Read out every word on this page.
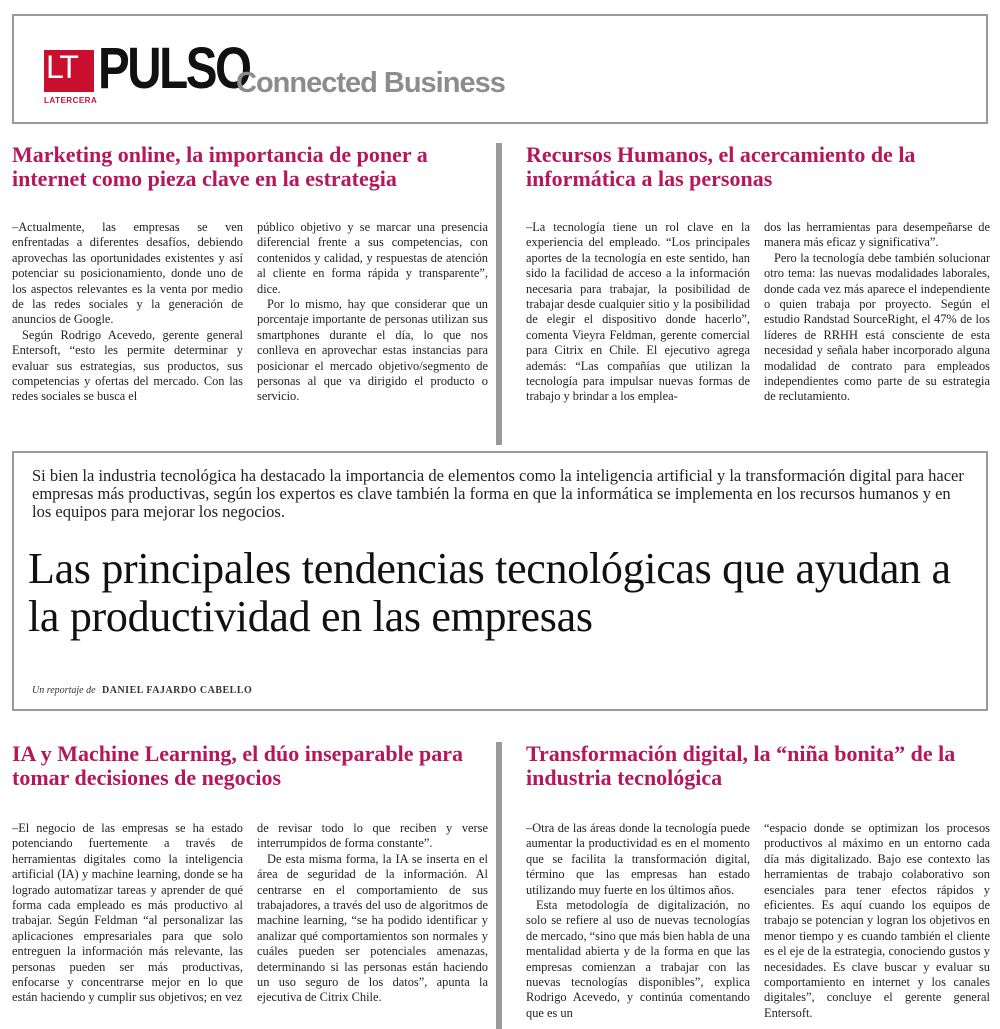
LT
LATERCERA PULSO
Connected Business
Marketing online, la importancia de poner a internet como pieza clave en la estrategia

–Actualmente, las empresas se ven enfrentadas a diferentes desafíos, debiendo aprovechas las oportunidades existentes y así potenciar su posicionamiento, donde uno de los aspectos relevantes es la venta por medio de las redes sociales y la generación de anuncios de Google.

Según Rodrigo Acevedo, gerente general Entersoft, “esto les permite determinar y evaluar sus estrategias, sus productos, sus competencias y ofertas del mercado. Con las redes sociales se busca el

público objetivo y se marcar una presencia diferencial frente a sus competencias, con contenidos y calidad, y respuestas de atención al cliente en forma rápida y transparente”, dice.

Por lo mismo, hay que considerar que un porcentaje importante de personas utilizan sus smartphones durante el día, lo que nos conlleva en aprovechar estas instancias para posicionar el mercado objetivo/segmento de personas al que va dirigido el producto o servicio.

Recursos Humanos, el acercamiento de la informática a las personas

–La tecnología tiene un rol clave en la experiencia del empleado. “Los principales aportes de la tecnología en este sentido, han sido la facilidad de acceso a la información necesaria para trabajar, la posibilidad de trabajar desde cualquier sitio y la posibilidad de elegir el dispositivo donde hacerlo”, comenta Vieyra Feldman, gerente comercial para Citrix en Chile. El ejecutivo agrega además: “Las compañías que utilizan la tecnología para impulsar nuevas formas de trabajo y brindar a los emplea-

dos las herramientas para desempeñarse de manera más eficaz y significativa”.

Pero la tecnología debe también solucionar otro tema: las nuevas modalidades laborales, donde cada vez más aparece el independiente o quien trabaja por proyecto. Según el estudio Randstad SourceRight, el 47% de los líderes de RRHH está consciente de esta necesidad y señala haber incorporado alguna modalidad de contrato para empleados independientes como parte de su estrategia de reclutamiento.

Si bien la industria tecnológica ha destacado la importancia de elementos como la inteligencia artificial y la transformación digital para hacer empresas más productivas, según los expertos es clave también la forma en que la informática se implementa en los recursos humanos y en los equipos para mejorar los negocios.

Las principales tendencias tecnológicas que ayudan a la productividad en las empresas
Un reportaje de DANIEL FAJARDO CABELLO
IA y Machine Learning, el dúo inseparable para tomar decisiones de negocios

–El negocio de las empresas se ha estado potenciando fuertemente a través de herramientas digitales como la inteligencia artificial (IA) y machine learning, donde se ha logrado automatizar tareas y aprender de qué forma cada empleado es más productivo al trabajar. Según Feldman “al personalizar las aplicaciones empresariales para que solo entreguen la información más relevante, las personas pueden ser más productivas, enfocarse y concentrarse mejor en lo que están haciendo y cumplir sus objetivos; en vez

de revisar todo lo que reciben y verse interrumpidos de forma constante”.

De esta misma forma, la IA se inserta en el área de seguridad de la información. Al centrarse en el comportamiento de sus trabajadores, a través del uso de algoritmos de machine learning, “se ha podido identificar y analizar qué comportamientos son normales y cuáles pueden ser potenciales amenazas, determinando si las personas están haciendo un uso seguro de los datos”, apunta la ejecutiva de Citrix Chile.

Transformación digital, la “niña bonita” de la industria tecnológica

–Otra de las áreas donde la tecnología puede aumentar la productividad es en el momento que se facilita la transformación digital, término que las empresas han estado utilizando muy fuerte en los últimos años.

Esta metodología de digitalización, no solo se refiere al uso de nuevas tecnologías de mercado, “sino que más bien habla de una mentalidad abierta y de la forma en que las empresas comienzan a trabajar con las nuevas tecnologías disponibles”, explica Rodrigo Acevedo, y continúa comentando que es un

“espacio donde se optimizan los procesos productivos al máximo en un entorno cada día más digitalizado. Bajo ese contexto las herramientas de trabajo colaborativo son esenciales para tener efectos rápidos y eficientes. Es aquí cuando los equipos de trabajo se potencian y logran los objetivos en menor tiempo y es cuando también el cliente es el eje de la estrategia, conociendo gustos y necesidades. Es clave buscar y evaluar su comportamiento en internet y los canales digitales”, concluye el gerente general Entersoft.
